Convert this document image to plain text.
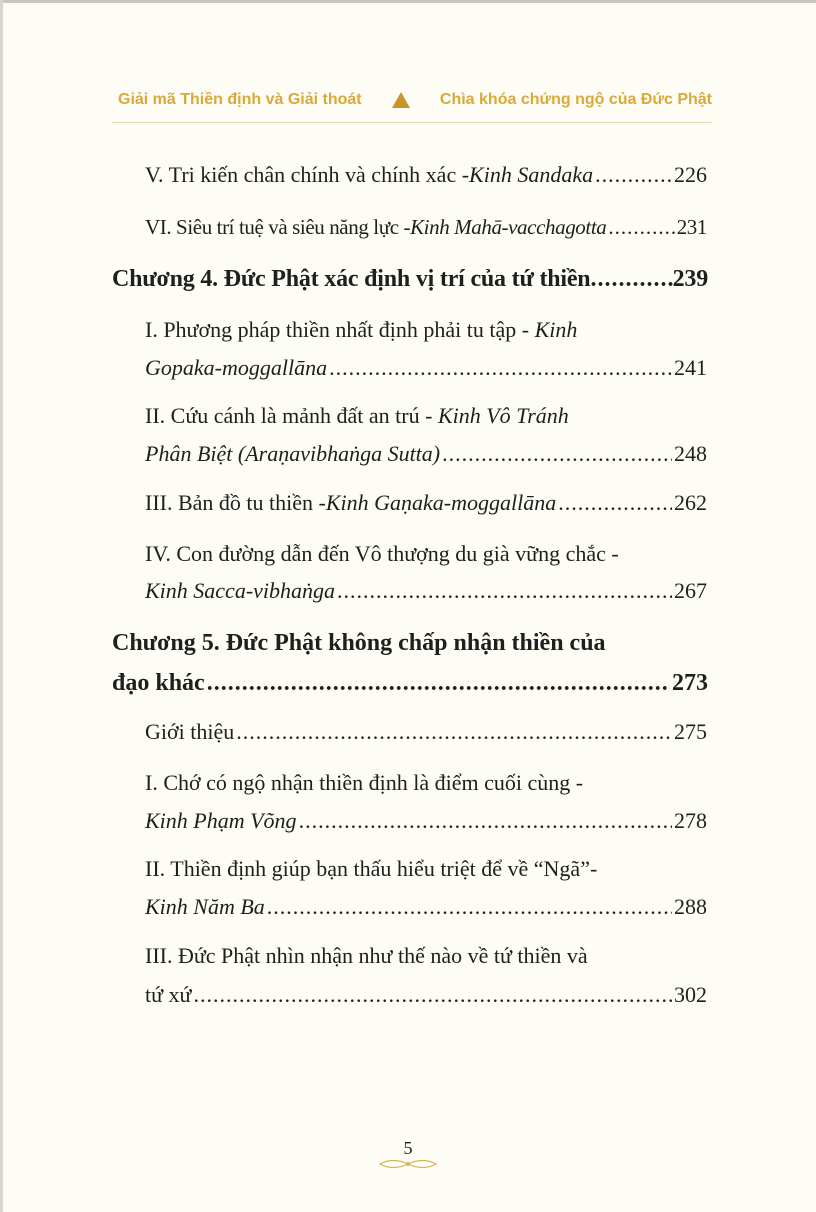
Giải mã Thiền định và Giải thoát	Chìa khóa chứng ngộ của Đức Phật
V. Tri kiến chân chính và chính xác - Kinh Sandaka .....	226
VI. Siêu trí tuệ và siêu năng lực - Kinh Mahā-vacchagotta .....	231
Chương 4. Đức Phật xác định vị trí của tứ thiền .....	239
I. Phương pháp thiền nhất định phải tu tập - Kinh
Gopaka-moggallāna .....	241
II. Cứu cánh là mảnh đất an trú - Kinh Vô Tránh
Phân Biệt (Araṇavibhaṅga Sutta) .....	248
III. Bản đồ tu thiền - Kinh Gaṇaka-moggallāna .....	262
IV. Con đường dẫn đến Vô thượng du già vững chắc -
Kinh Sacca-vibhaṅga .....	267
Chương 5. Đức Phật không chấp nhận thiền của
đạo khác .....	273
Giới thiệu .....	275
I. Chớ có ngộ nhận thiền định là điểm cuối cùng -
Kinh Phạm Võng .....	278
II. Thiền định giúp bạn thấu hiểu triệt để về “Ngã”-
Kinh Năm Ba .....	288
III. Đức Phật nhìn nhận như thế nào về tứ thiền và
tứ xứ .....	302
5
